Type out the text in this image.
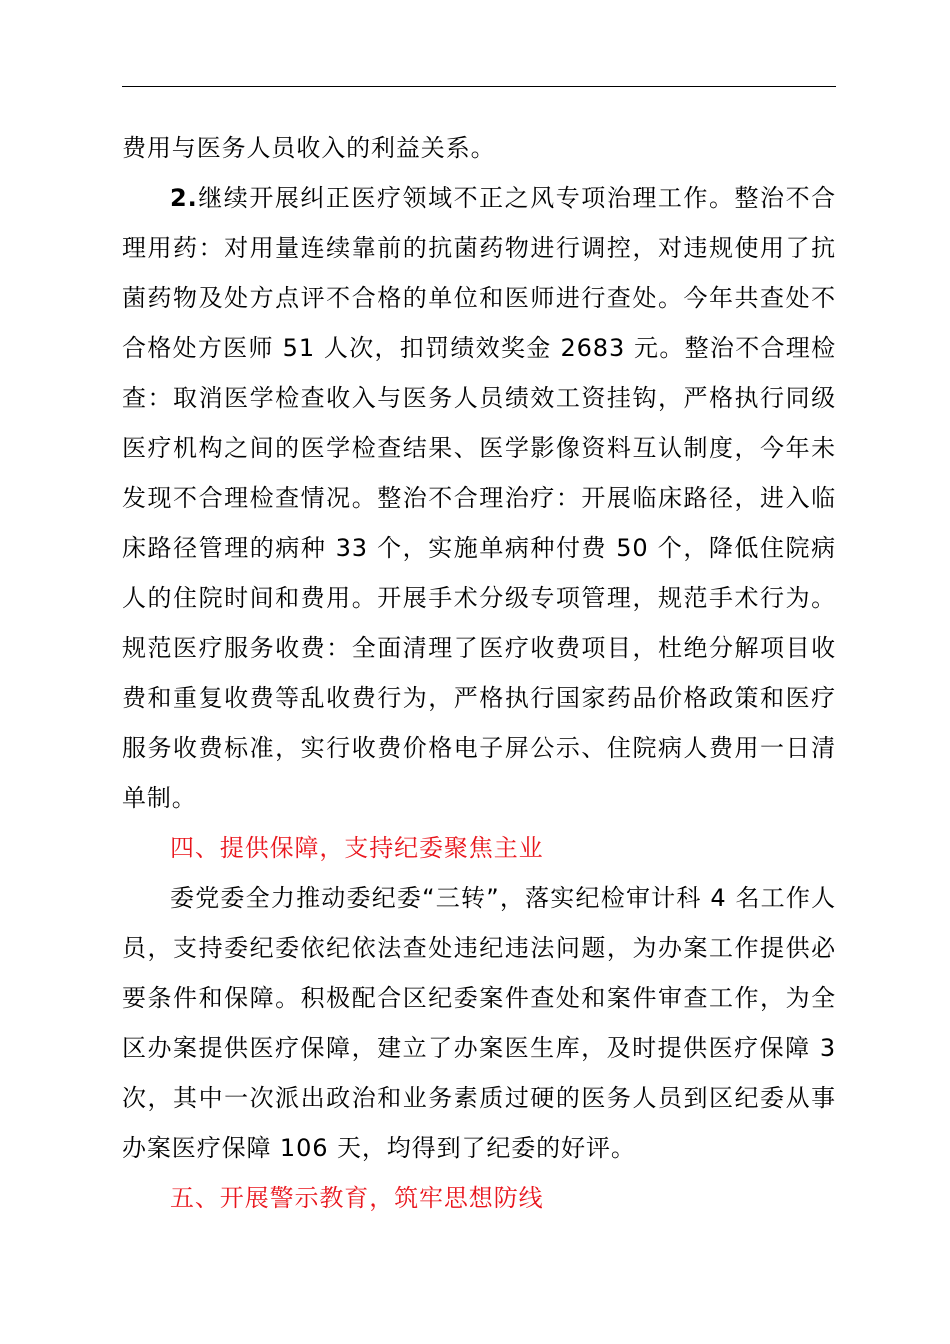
费用与医务人员收入的利益关系。

2.继续开展纠正医疗领域不正之风专项治理工作。整治不合理用药：对用量连续靠前的抗菌药物进行调控，对违规使用了抗菌药物及处方点评不合格的单位和医师进行查处。今年共查处不合格处方医师 51 人次，扣罚绩效奖金 2683 元。整治不合理检查：取消医学检查收入与医务人员绩效工资挂钩，严格执行同级医疗机构之间的医学检查结果、医学影像资料互认制度，今年未发现不合理检查情况。整治不合理治疗：开展临床路径，进入临床路径管理的病种 33 个，实施单病种付费 50 个，降低住院病人的住院时间和费用。开展手术分级专项管理，规范手术行为。规范医疗服务收费：全面清理了医疗收费项目，杜绝分解项目收费和重复收费等乱收费行为，严格执行国家药品价格政策和医疗服务收费标准，实行收费价格电子屏公示、住院病人费用一日清单制。

四、提供保障，支持纪委聚焦主业

委党委全力推动委纪委“三转”，落实纪检审计科 4 名工作人员，支持委纪委依纪依法查处违纪违法问题，为办案工作提供必要条件和保障。积极配合区纪委案件查处和案件审查工作，为全区办案提供医疗保障，建立了办案医生库，及时提供医疗保障 3 次，其中一次派出政治和业务素质过硬的医务人员到区纪委从事办案医疗保障 106 天，均得到了纪委的好评。

五、开展警示教育，筑牢思想防线
